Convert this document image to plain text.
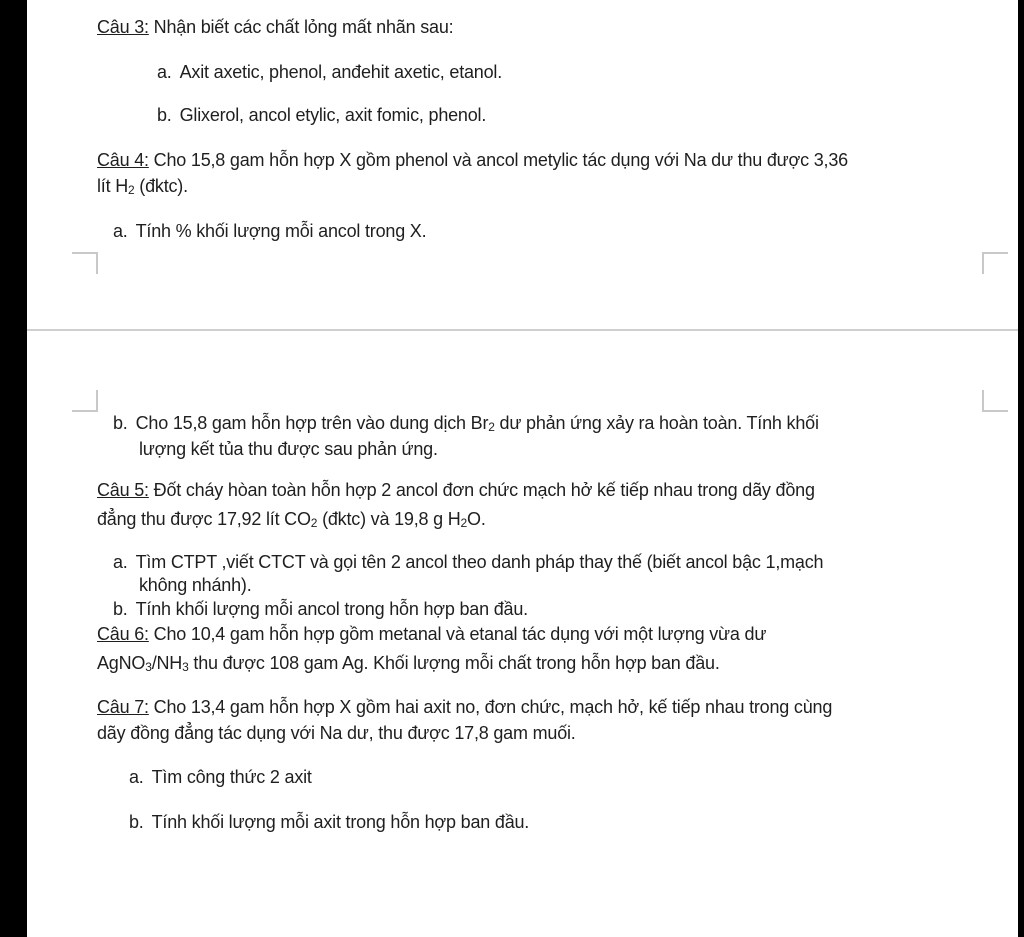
Câu 3: Nhận biết các chất lỏng mất nhãn sau:
a. Axit axetic, phenol, anđehit axetic, etanol.
b. Glixerol, ancol etylic, axit fomic, phenol.
Câu 4: Cho 15,8 gam hỗn hợp X gồm phenol và ancol metylic tác dụng với Na dư thu được 3,36
lít $H_2$ (đktc).
a. Tính % khối lượng mỗi ancol trong X.
b. Cho 15,8 gam hỗn hợp trên vào dung dịch $Br_2$ dư phản ứng xảy ra hoàn toàn. Tính khối
lượng kết tủa thu được sau phản ứng.
Câu 5: Đốt cháy hòan toàn hỗn hợp 2 ancol đơn chức mạch hở kế tiếp nhau trong dãy đồng
đẳng thu được 17,92 lít $CO_2$ (đktc) và 19,8 g $H_2O$.
a. Tìm CTPT ,viết CTCT và gọi tên 2 ancol theo danh pháp thay thế (biết ancol bậc 1,mạch
không nhánh).
b. Tính khối lượng mỗi ancol trong hỗn hợp ban đầu.
Câu 6: Cho 10,4 gam hỗn hợp gồm metanal và etanal tác dụng với một lượng vừa dư
$AgNO_3/NH_3$ thu được 108 gam Ag. Khối lượng mỗi chất trong hỗn hợp ban đầu.
Câu 7: Cho 13,4 gam hỗn hợp X gồm hai axit no, đơn chức, mạch hở, kế tiếp nhau trong cùng
dãy đồng đẳng tác dụng với Na dư, thu được 17,8 gam muối.
a. Tìm công thức 2 axit
b. Tính khối lượng mỗi axit trong hỗn hợp ban đầu.
